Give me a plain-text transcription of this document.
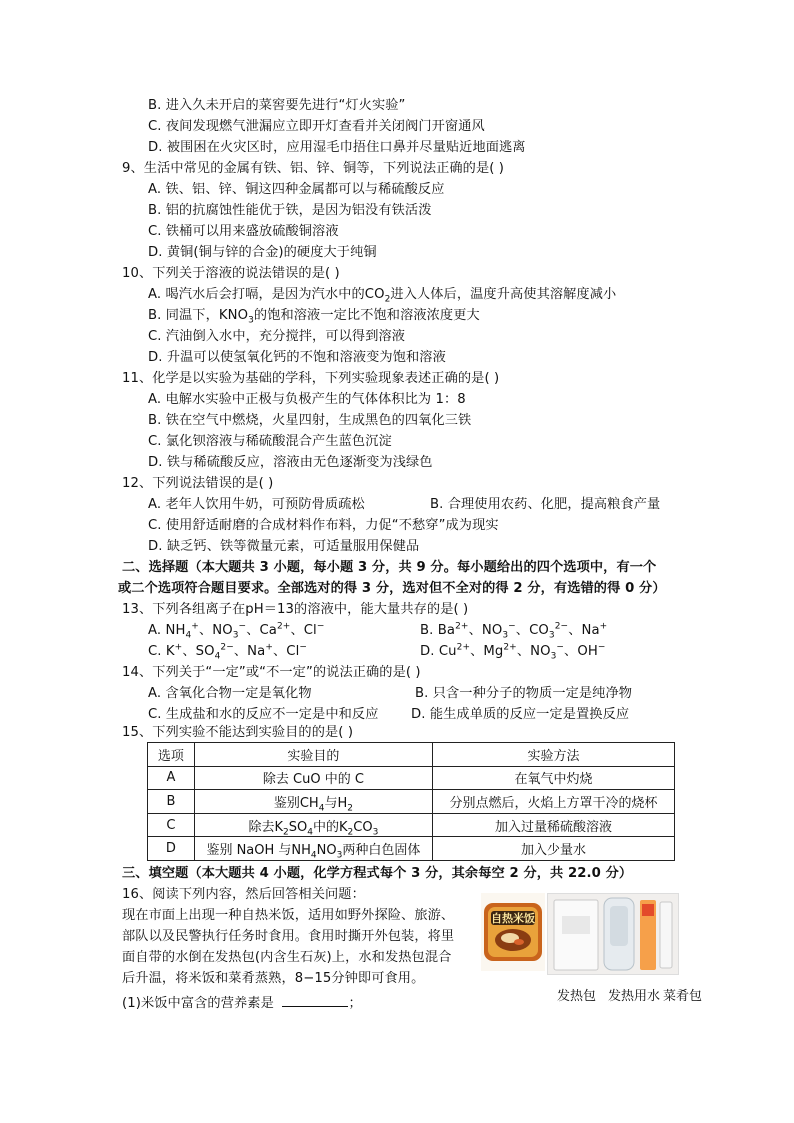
B. 进入久未开启的菜窖要先进行“灯火实验”
C. 夜间发现燃气泄漏应立即开灯查看并关闭阀门开窗通风
D. 被围困在火灾区时，应用湿毛巾捂住口鼻并尽量贴近地面逃离
9、生活中常见的金属有铁、铝、锌、铜等，下列说法正确的是( )
A. 铁、铝、锌、铜这四种金属都可以与稀硫酸反应
B. 铝的抗腐蚀性能优于铁，是因为铝没有铁活泼
C. 铁桶可以用来盛放硫酸铜溶液
D. 黄铜(铜与锌的合金)的硬度大于纯铜
10、下列关于溶液的说法错误的是( )
A. 喝汽水后会打嗝，是因为汽水中的$CO_2$进入人体后，温度升高使其溶解度减小
B. 同温下，$KNO_3$的饱和溶液一定比不饱和溶液浓度更大
C. 汽油倒入水中，充分搅拌，可以得到溶液
D. 升温可以使氢氧化钙的不饱和溶液变为饱和溶液
11、化学是以实验为基础的学科，下列实验现象表述正确的是( )
A. 电解水实验中正极与负极产生的气体体积比为 1：8
B. 铁在空气中燃烧，火星四射，生成黑色的四氧化三铁
C. 氯化钡溶液与稀硫酸混合产生蓝色沉淀
D. 铁与稀硫酸反应，溶液由无色逐渐变为浅绿色
12、下列说法错误的是( )
A. 老年人饮用牛奶，可预防骨质疏松	B. 合理使用农药、化肥，提高粮食产量
C. 使用舒适耐磨的合成材料作布料，力促“不愁穿”成为现实
D. 缺乏钙、铁等微量元素，可适量服用保健品
二、选择题（本大题共 3 小题，每小题 3 分，共 9 分。每小题给出的四个选项中，有一个
或二个选项符合题目要求。全部选对的得 3 分，选对但不全对的得 2 分，有选错的得 0 分）
13、下列各组离子在pH＝13的溶液中，能大量共存的是( )
A. $NH_4^+$、$NO_3^-$、$Ca^{2+}$、Cl−	B. $Ba^{2+}$、$NO_3^-$、$CO_3^{2-}$、Na+
C. K+、$SO_4^{2-}$、Na+、Cl−	D. $Cu^{2+}$、$Mg^{2+}$、$NO_3^-$、OH−
14、下列关于“一定”或“不一定”的说法正确的是( )
A. 含氧化合物一定是氧化物	B. 只含一种分子的物质一定是纯净物
C. 生成盐和水的反应不一定是中和反应 D. 能生成单质的反应一定是置换反应
15、下列实验不能达到实验目的的是( )
选项	实验目的	实验方法
A	除去 CuO 中的 C	在氧气中灼烧
B	鉴别$CH_4$与$H_2$	分别点燃后，火焰上方罩干冷的烧杯
C	除去$K_2SO_4$中的$K_2CO_3$	加入过量稀硫酸溶液
D	鉴别 NaOH 与$NH_4NO_3$两种白色固体	加入少量水
三、填空题（本大题共 4 小题，化学方程式每个 3 分，其余每空 2 分，共 22.0 分）
16、阅读下列内容，然后回答相关问题：
现在市面上出现一种自热米饭，适用如野外探险、旅游、
部队以及民警执行任务时食用。食用时撕开外包装，将里
面自带的水倒在发热包(内含生石灰)上，水和发热包混合
后升温，将米饭和菜肴蒸熟，8−15分钟即可食用。
(1)米饭中富含的营养素是	；
自热米饭
发热包 发热用水 菜肴包
